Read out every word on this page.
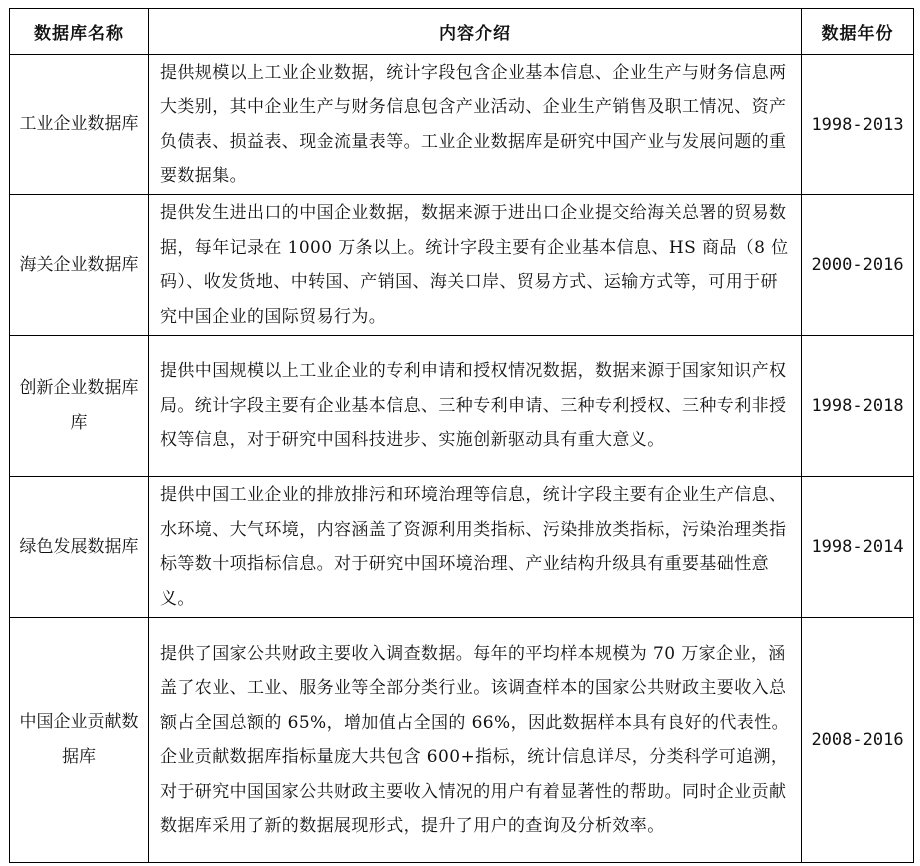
数据库名称	内容介绍	数据年份
工业企业数据库	提供规模以上工业企业数据，统计字段包含企业基本信息、企业生产与财务信息两大类别，其中企业生产与财务信息包含产业活动、企业生产销售及职工情况、资产负债表、损益表、现金流量表等。工业企业数据库是研究中国产业与发展问题的重要数据集。	1998-2013
海关企业数据库	提供发生进出口的中国企业数据，数据来源于进出口企业提交给海关总署的贸易数据，每年记录在 1000 万条以上。统计字段主要有企业基本信息、HS 商品（8 位码）、收发货地、中转国、产销国、海关口岸、贸易方式、运输方式等，可用于研究中国企业的国际贸易行为。	2000-2016
创新企业数据库库	提供中国规模以上工业企业的专利申请和授权情况数据，数据来源于国家知识产权局。统计字段主要有企业基本信息、三种专利申请、三种专利授权、三种专利非授权等信息，对于研究中国科技进步、实施创新驱动具有重大意义。	1998-2018
绿色发展数据库	提供中国工业企业的排放排污和环境治理等信息，统计字段主要有企业生产信息、水环境、大气环境，内容涵盖了资源利用类指标、污染排放类指标，污染治理类指标等数十项指标信息。对于研究中国环境治理、产业结构升级具有重要基础性意义。	1998-2014
中国企业贡献数据库	提供了国家公共财政主要收入调查数据。每年的平均样本规模为 70 万家企业，涵盖了农业、工业、服务业等全部分类行业。该调查样本的国家公共财政主要收入总额占全国总额的 65%，增加值占全国的 66%，因此数据样本具有良好的代表性。企业贡献数据库指标量庞大共包含 600+指标，统计信息详尽，分类科学可追溯，对于研究中国国家公共财政主要收入情况的用户有着显著性的帮助。同时企业贡献数据库采用了新的数据展现形式，提升了用户的查询及分析效率。	2008-2016
